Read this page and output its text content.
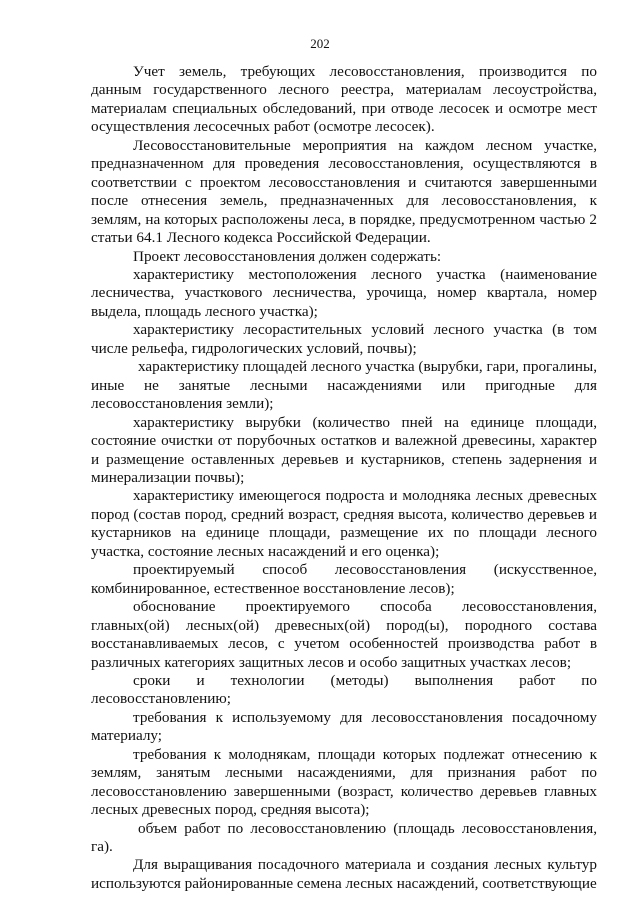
202

Учет земель, требующих лесовосстановления, производится по данным государственного лесного реестра, материалам лесоустройства, материалам специальных обследований, при отводе лесосек и осмотре мест осуществления лесосечных работ (осмотре лесосек).

Лесовосстановительные мероприятия на каждом лесном участке, предназначенном для проведения лесовосстановления, осуществляются в соответствии с проектом лесовосстановления и считаются завершенными после отнесения земель, предназначенных для лесовосстановления, к землям, на которых расположены леса, в порядке, предусмотренном частью 2 статьи 64.1 Лесного кодекса Российской Федерации.

Проект лесовосстановления должен содержать:

характеристику местоположения лесного участка (наименование лесничества, участкового лесничества, урочища, номер квартала, номер выдела, площадь лесного участка);

характеристику лесорастительных условий лесного участка (в том числе рельефа, гидрологических условий, почвы);

характеристику площадей лесного участка (вырубки, гари, прогалины, иные не занятые лесными насаждениями или пригодные для лесовосстановления земли);

характеристику вырубки (количество пней на единице площади, состояние очистки от порубочных остатков и валежной древесины, характер и размещение оставленных деревьев и кустарников, степень задернения и минерализации почвы);

характеристику имеющегося подроста и молодняка лесных древесных пород (состав пород, средний возраст, средняя высота, количество деревьев и кустарников на единице площади, размещение их по площади лесного участка, состояние лесных насаждений и его оценка);

проектируемый способ лесовосстановления (искусственное, комбинированное, естественное восстановление лесов);

обоснование проектируемого способа лесовосстановления, главных(ой) лесных(ой) древесных(ой) пород(ы), породного состава восстанавливаемых лесов, с учетом особенностей производства работ в различных категориях защитных лесов и особо защитных участках лесов;

сроки и технологии (методы) выполнения работ по лесовосстановлению;

требования к используемому для лесовосстановления посадочному материалу;

требования к молоднякам, площади которых подлежат отнесению к землям, занятым лесными насаждениями, для признания работ по лесовосстановлению завершенными (возраст, количество деревьев главных лесных древесных пород, средняя высота);

объем работ по лесовосстановлению (площадь лесовосстановления, га).

Для выращивания посадочного материала и создания лесных культур используются районированные семена лесных насаждений, соответствующие
